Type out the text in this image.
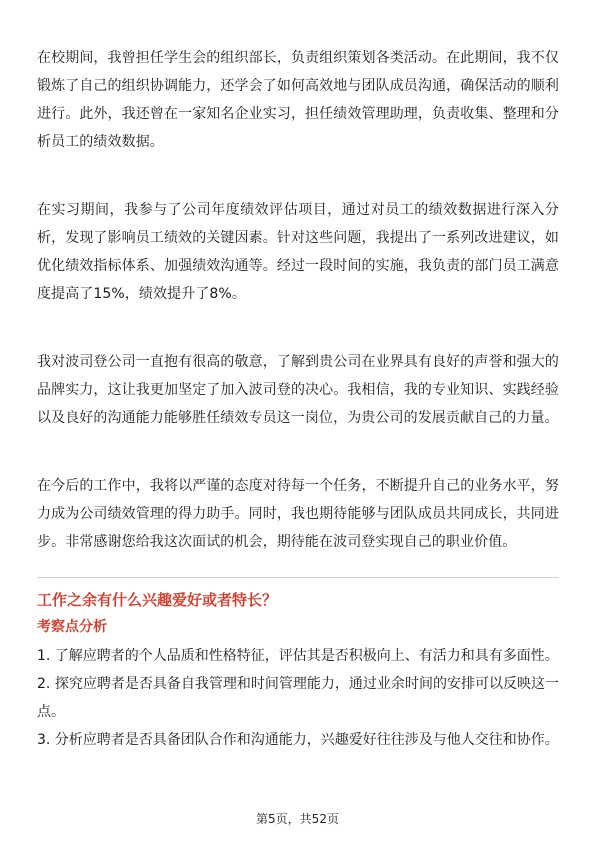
在校期间，我曾担任学生会的组织部长，负责组织策划各类活动。在此期间，我不仅锻炼了自己的组织协调能力，还学会了如何高效地与团队成员沟通，确保活动的顺利进行。此外，我还曾在一家知名企业实习，担任绩效管理助理，负责收集、整理和分析员工的绩效数据。

在实习期间，我参与了公司年度绩效评估项目，通过对员工的绩效数据进行深入分析，发现了影响员工绩效的关键因素。针对这些问题，我提出了一系列改进建议，如优化绩效指标体系、加强绩效沟通等。经过一段时间的实施，我负责的部门员工满意度提高了15%，绩效提升了8%。

我对波司登公司一直抱有很高的敬意，了解到贵公司在业界具有良好的声誉和强大的品牌实力，这让我更加坚定了加入波司登的决心。我相信，我的专业知识、实践经验以及良好的沟通能力能够胜任绩效专员这一岗位，为贵公司的发展贡献自己的力量。

在今后的工作中，我将以严谨的态度对待每一个任务，不断提升自己的业务水平，努力成为公司绩效管理的得力助手。同时，我也期待能够与团队成员共同成长，共同进步。非常感谢您给我这次面试的机会，期待能在波司登实现自己的职业价值。

工作之余有什么兴趣爱好或者特长？

考察点分析

1. 了解应聘者的个人品质和性格特征，评估其是否积极向上、有活力和具有多面性。

2. 探究应聘者是否具备自我管理和时间管理能力，通过业余时间的安排可以反映这一点。

3. 分析应聘者是否具备团队合作和沟通能力，兴趣爱好往往涉及与他人交往和协作。

第5页，共52页
